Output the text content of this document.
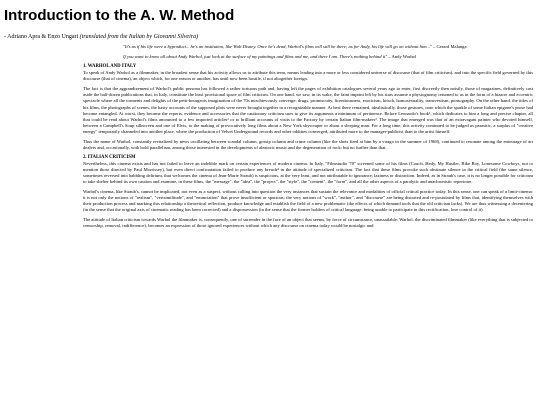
Introduction to the A. W. Method
- Adriano Apra & Enzo Ungari (translated from the Italian by Giovanni Silveira)

"It's as if his life were a byproduct... he's an institution, like Walt Disney. Once he's dead, Warhol's films will still be there; as for Andy, his life will go on without him..." – Gerard Malanga

If you want to know all about Andy Warhol, just look at the surface of my paintings and films and me, and there I am. There's nothing behind it" – Andy Warhol

1. WARHOL AND ITALY

To speak of Andy Warhol as a filmmaker, in the broadest sense that his activity allows us to attribute this term, means leading into a more or less considered universe of discourse (that of film criticism), and into the specific field governed by this discourse (that of cinema), an object which, for one reason or another, has until now been hostile, if not altogether foreign.

The fact is that the aggrandizement of Warhol's public persona has followed a rather tortuous path and, having left the pages of exhibition catalogues several years ago to enter, first discreetly then noisily, those of magazines, definitively cast aside the half-dozen publications that, in Italy, constitute the least provisional space of film criticism. On one hand, we saw, in its wake, the faint imprint left by his stars assume a physiognomy returned to us in the form of a bizarre and eccentric spectacle where all the torments and delights of the petit-bourgeois imagination of the 70s mischievously converge: drugs, promiscuity, licentiousness, exoticism, kitsch, homosexuality, transvestism, pornography. On the other hand, the titles of his films, the photographs of scenes, the hasty accounts of the supposed plots were never brought together in a recognizable manner. At best there remained, idealistically, those gestures, onto which the sparkle of some Italian epigone's prose had become entangled. At worst, they became the reports, evidence and accessories that the cautionary criticism uses to give its arguments a minimum of pertinence. Before Leonardo's book¹, which dedicates to him a long and precise chapter, all that could be read about Warhol's films amounted to a few imported articles² or to brilliant accounts of visits to the Factory by certain Italian film-makers³. The image that emerged was that of an extravagant painter who devoted himself, between a Campbell's Soup silkscreen and one of Elvis, to the making of provocatively long films about a New York skyscraper or about a sleeping man. For a long time, this activity continued to be judged as parasitic, a surplus of "creative energy" temporarily channeled into another place, where the production of Velvet Underground records and other oddities converged, attributed more to the manager-publicist than to the artist himself.

Thus the name of Warhol, constantly revitalized by news oscillating between scandal column, gossip column and crime column (like the shots fired at him by a virago in the summer of 1968), continued to resonate among the entourage of art dealers and, occasionally, with bold parallelism, among those interested in the developments of aleatoric music and the degeneration of rock; but no further than that.

2. ITALIAN CRITICISM

Nevertheless, this cinema exists and has not failed to leave an indelible mark on certain experiences of modern cinema. In Italy, "Filmstudio '70" screened some of his films (Couch, Hedy, My Hustler, Bike Boy, Lonesome Cowboys, not to mention those directed by Paul Morrissey), but even direct confrontation failed to produce any breach⁴ in the attitude of specialized criticism. The fact that these films provoke such obstinate silence in the critical field (the same silence, sometimes reversed into babbling delirium, that welcomes the cinema of Jean-Marie Straub) is suspicious, at the very least, and not attributable to ignorance, laziness or distraction. Indeed, as in Straub's case, it is no longer possible for criticism to take shelter behind its own caution and examine, in these films, the "message", the "idea", the "project", the "style", the "content", the "form", and all the other aspects of a paralytic and anachronistic repertoire.

Warhol's cinema, like Straub's, cannot be implicated, not even as a suspect, without calling into question the very instances that sustain the relevance and modalities of official critical practice today. In this sense, one can speak of a limit-cinema: it is not only the notions of "realism", "verisimilitude", and "enunciation" that prove insufficient or spurious; the very notions of "work", "author", and "discourse" are being distorted and re-postulated by films that, identifying themselves with their production process and marking this relationship a theoretical reflection, produce knowledge and establish the field of a new problematic (the effects of which demand tools that the old criticism lacks). We are thus witnessing a decentering (in the sense that the original axis of cinematic reading has been corrected) and a dispossession (in the sense that the former holders of critical language, being unable to participate in this rectification, lose control of it).

The attitude of Italian criticism towards Warhol the filmmaker is, consequently, one of surrender in the face of an object that seems, by force of circumstance, unassailable: Warhol, the discriminated filmmaker (like everything that is subjected to censorship, removal, indifference), becomes an expression of those ignored experiences without which any discourse on cinema today would be nostalgic and
